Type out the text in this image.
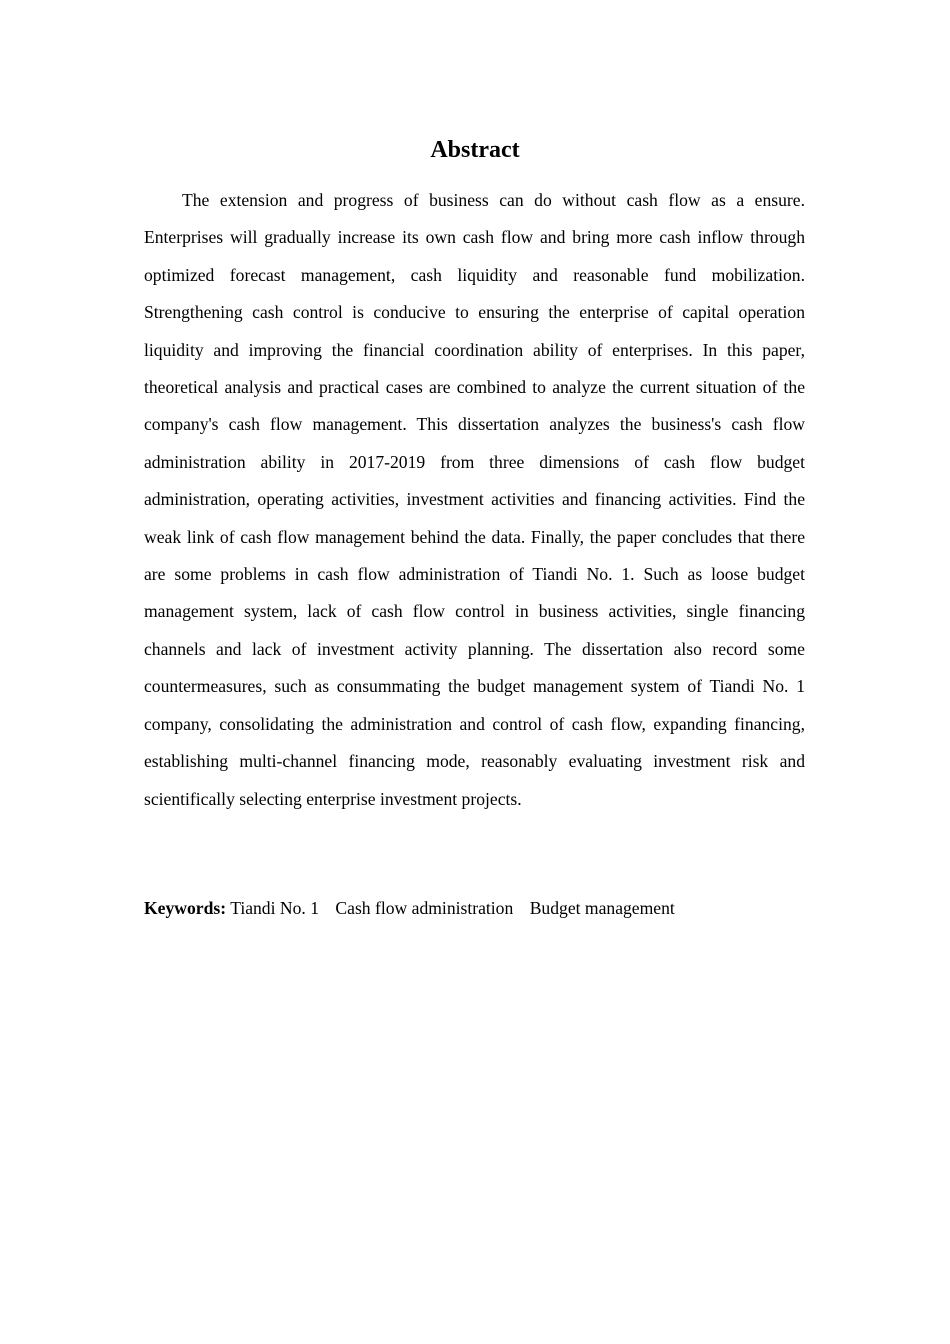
Abstract

The extension and progress of business can do without cash flow as a ensure. Enterprises will gradually increase its own cash flow and bring more cash inflow through optimized forecast management, cash liquidity and reasonable fund mobilization. Strengthening cash control is conducive to ensuring the enterprise of capital operation liquidity and improving the financial coordination ability of enterprises. In this paper, theoretical analysis and practical cases are combined to analyze the current situation of the company's cash flow management. This dissertation analyzes the business's cash flow administration ability in 2017-2019 from three dimensions of cash flow budget administration, operating activities, investment activities and financing activities. Find the weak link of cash flow management behind the data. Finally, the paper concludes that there are some problems in cash flow administration of Tiandi No. 1. Such as loose budget management system, lack of cash flow control in business activities, single financing channels and lack of investment activity planning. The dissertation also record some countermeasures, such as consummating the budget management system of Tiandi No. 1 company, consolidating the administration and control of cash flow, expanding financing, establishing multi-channel financing mode, reasonably evaluating investment risk and scientifically selecting enterprise investment projects.

Keywords: Tiandi No. 1 Cash flow administration Budget management
